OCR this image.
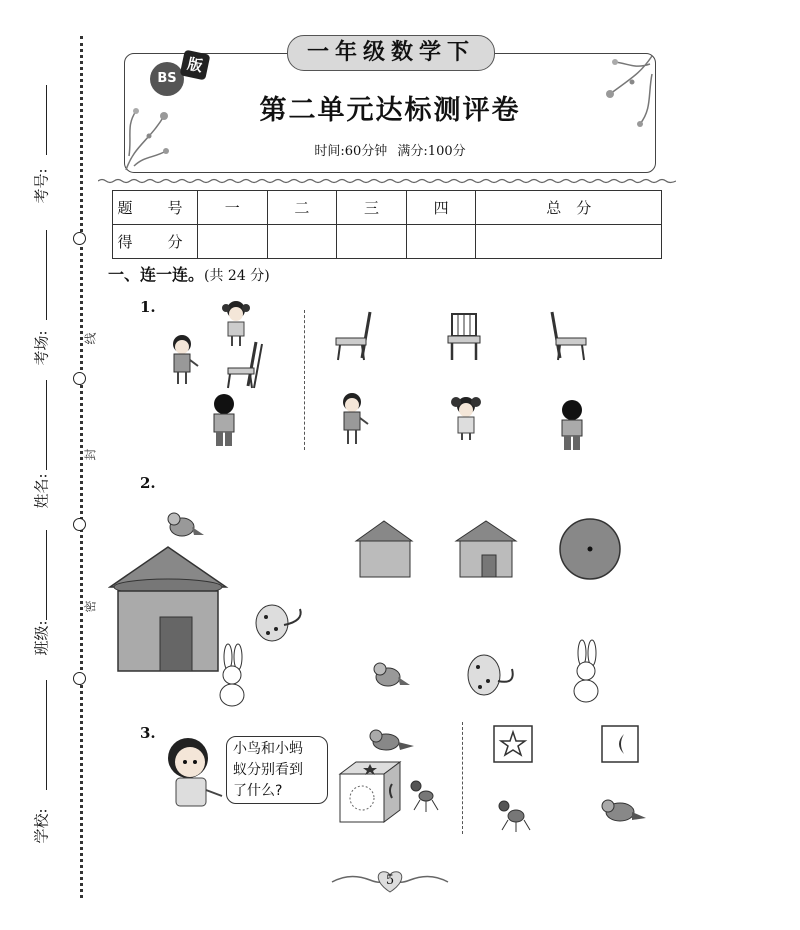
考号:
考场:
姓名:
班级:
学校:
线
封
密
一年级数学下
BS
版
第二单元达标测评卷
时间:60分钟 满分:100分
题　号	一	二	三	四	总　分
得　分					
一、连一连。(共 24 分)
1.
2.
3.
小鸟和小蚂
蚁分别看到
了什么?
5
